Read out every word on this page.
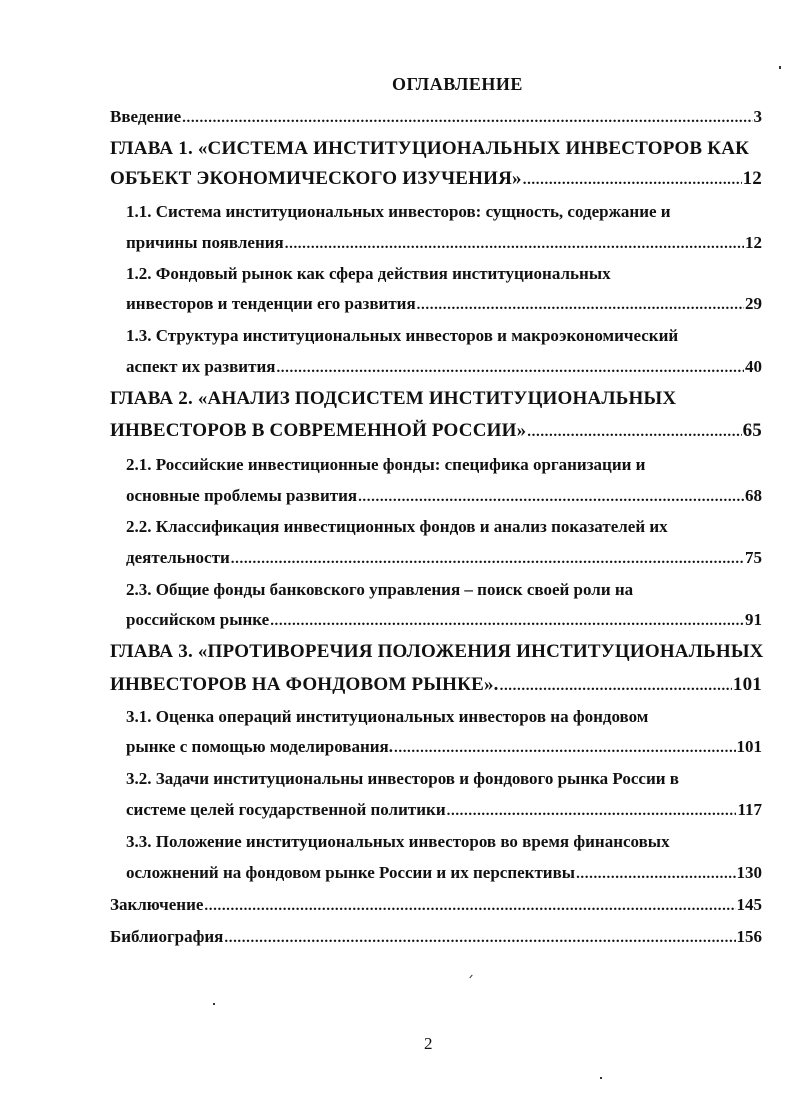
ОГЛАВЛЕНИЕ
Введение .....	3
ГЛАВА 1. «СИСТЕМА ИНСТИТУЦИОНАЛЬНЫХ ИНВЕСТОРОВ КАК
ОБЪЕКТ ЭКОНОМИЧЕСКОГО ИЗУЧЕНИЯ» .....	12
1.1. Система институциональных инвесторов: сущность, содержание и
причины появления .....	12
1.2. Фондовый рынок как сфера действия институциональных
инвесторов и тенденции его развития .....	29
1.3. Структура институциональных инвесторов и макроэкономический
аспект их развития .....	40
ГЛАВА 2. «АНАЛИЗ ПОДСИСТЕМ ИНСТИТУЦИОНАЛЬНЫХ
ИНВЕСТОРОВ В СОВРЕМЕННОЙ РОССИИ» .....	65
2.1. Российские инвестиционные фонды: специфика организации и
основные проблемы развития .....	68
2.2. Классификация инвестиционных фондов и анализ показателей их
деятельности .....	75
2.3. Общие фонды банковского управления – поиск своей роли на
российском рынке .....	91
ГЛАВА 3. «ПРОТИВОРЕЧИЯ ПОЛОЖЕНИЯ ИНСТИТУЦИОНАЛЬНЫХ
ИНВЕСТОРОВ НА ФОНДОВОМ РЫНКЕ». .....	101
3.1. Оценка операций институциональных инвесторов на фондовом
рынке с помощью моделирования. .....	101
3.2. Задачи институциональны инвесторов и фондового рынка России в
системе целей государственной политики .....	117
3.3. Положение институциональных инвесторов во время финансовых
осложнений на фондовом рынке России и их перспективы .....	130
Заключение .....	145
Библиография .....	156
2
